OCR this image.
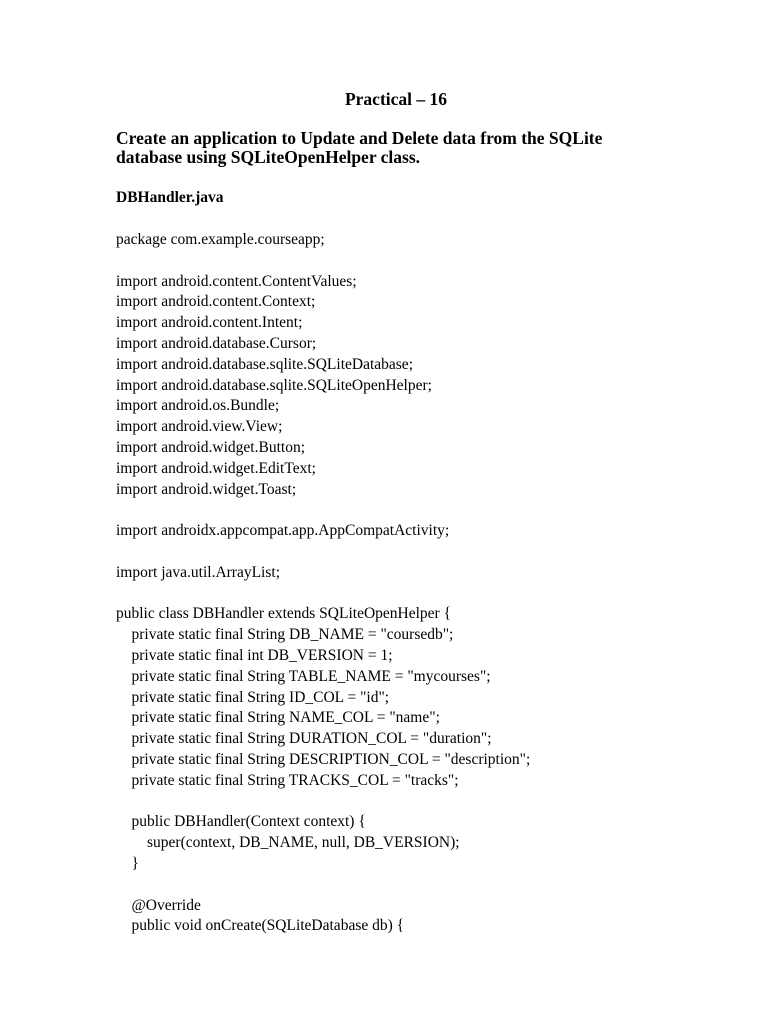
Practical – 16
Create an application to Update and Delete data from the SQLite
database using SQLiteOpenHelper class.
DBHandler.java
package com.example.courseapp;
import android.content.ContentValues;
import android.content.Context;
import android.content.Intent;
import android.database.Cursor;
import android.database.sqlite.SQLiteDatabase;
import android.database.sqlite.SQLiteOpenHelper;
import android.os.Bundle;
import android.view.View;
import android.widget.Button;
import android.widget.EditText;
import android.widget.Toast;
import androidx.appcompat.app.AppCompatActivity;
import java.util.ArrayList;
public class DBHandler extends SQLiteOpenHelper {
private static final String DB_NAME = "coursedb";
private static final int DB_VERSION = 1;
private static final String TABLE_NAME = "mycourses";
private static final String ID_COL = "id";
private static final String NAME_COL = "name";
private static final String DURATION_COL = "duration";
private static final String DESCRIPTION_COL = "description";
private static final String TRACKS_COL = "tracks";
public DBHandler(Context context) {
super(context, DB_NAME, null, DB_VERSION);
}
@Override
public void onCreate(SQLiteDatabase db) {
